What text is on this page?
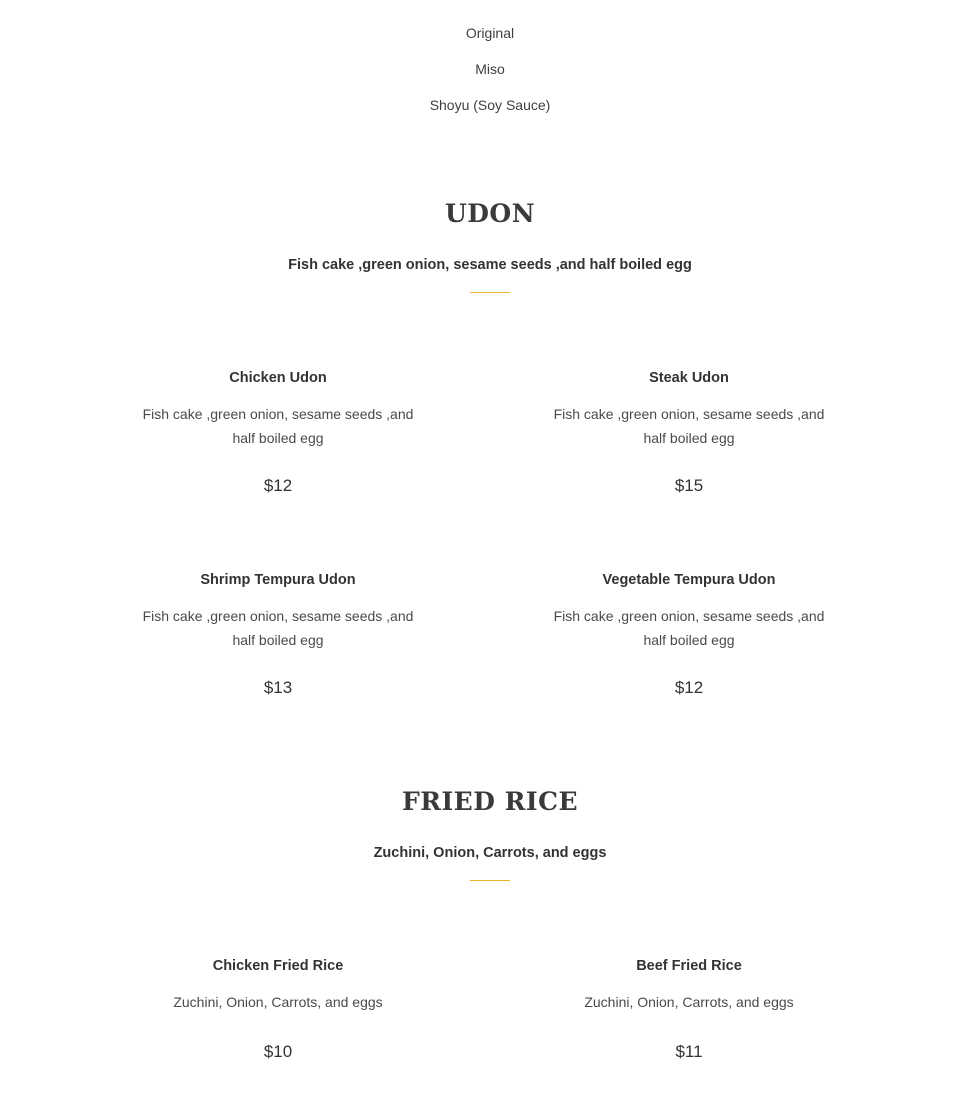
Original
Miso
Shoyu (Soy Sauce)
UDON
Fish cake ,green onion, sesame seeds ,and half boiled egg
Chicken Udon
Fish cake ,green onion, sesame seeds ,and half boiled egg
$12
Steak Udon
Fish cake ,green onion, sesame seeds ,and half boiled egg
$15
Shrimp Tempura Udon
Fish cake ,green onion, sesame seeds ,and half boiled egg
$13
Vegetable Tempura Udon
Fish cake ,green onion, sesame seeds ,and half boiled egg
$12
FRIED RICE
Zuchini, Onion, Carrots, and eggs
Chicken Fried Rice
Zuchini, Onion, Carrots, and eggs
$10
Beef Fried Rice
Zuchini, Onion, Carrots, and eggs
$11
